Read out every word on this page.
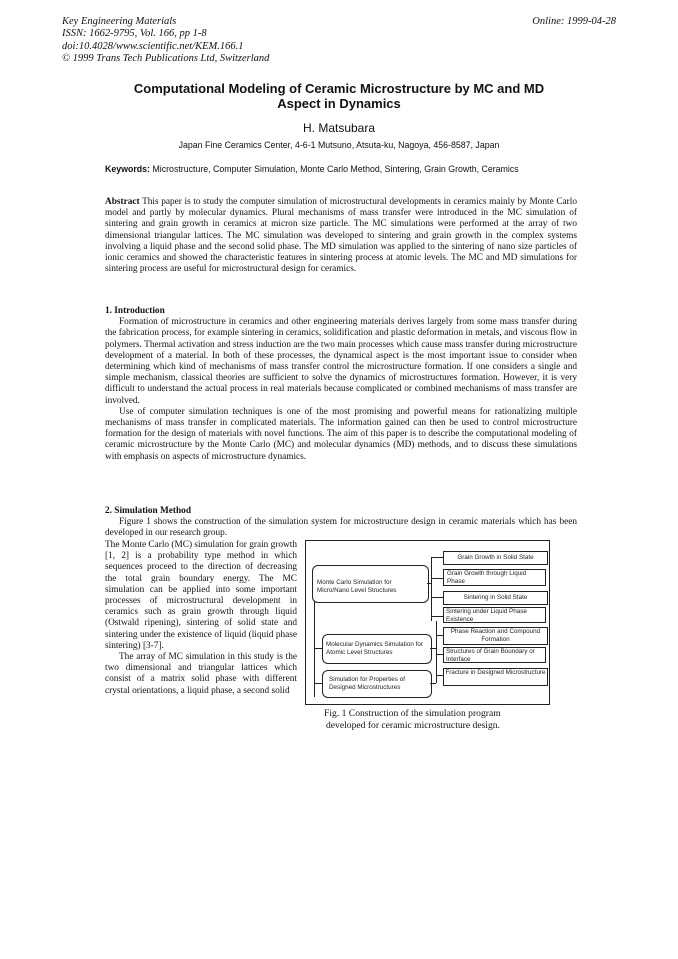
Key Engineering Materials
ISSN: 1662-9795, Vol. 166, pp 1-8
doi:10.4028/www.scientific.net/KEM.166.1
© 1999 Trans Tech Publications Ltd, Switzerland
Online: 1999-04-28
Computational Modeling of Ceramic Microstructure by MC and MD
Aspect in Dynamics
H. Matsubara
Japan Fine Ceramics Center, 4-6-1 Mutsuno, Atsuta-ku, Nagoya, 456-8587, Japan
Keywords: Microstructure, Computer Simulation, Monte Carlo Method, Sintering, Grain Growth, Ceramics
Abstract This paper is to study the computer simulation of microstructural developments in ceramics mainly by Monte Carlo model and partly by molecular dynamics. Plural mechanisms of mass transfer were introduced in the MC simulation of sintering and grain growth in ceramics at micron size particle. The MC simulations were performed at the array of two dimensional triangular lattices. The MC simulation was developed to sintering and grain growth in the complex systems involving a liquid phase and the second solid phase. The MD simulation was applied to the sintering of nano size particles of ionic ceramics and showed the characteristic features in sintering process at atomic levels. The MC and MD simulations for sintering process are useful for microstructural design for ceramics.
1. Introduction

Formation of microstructure in ceramics and other engineering materials derives largely from some mass transfer during the fabrication process, for example sintering in ceramics, solidification and plastic deformation in metals, and viscous flow in polymers. Thermal activation and stress induction are the two main processes which cause mass transfer during microstructure development of a material. In both of these processes, the dynamical aspect is the most important issue to consider when determining which kind of mechanisms of mass transfer control the microstructure formation. If one considers a single and simple mechanism, classical theories are sufficient to solve the dynamics of microstructures formation. However, it is very difficult to understand the actual process in real materials because complicated or combined mechanisms of mass transfer are involved.

Use of computer simulation techniques is one of the most promising and powerful means for rationalizing multiple mechanisms of mass transfer in complicated materials. The information gained can then be used to control microstructure formation for the design of materials with novel functions. The aim of this paper is to describe the computational modeling of ceramic microstructure by the Monte Carlo (MC) and molecular dynamics (MD) methods, and to discuss these simulations with emphasis on aspects of microstructure dynamics.

2. Simulation Method

Figure 1 shows the construction of the simulation system for microstructure design in ceramic materials which has been developed in our research group.

The Monte Carlo (MC) simulation for grain growth [1, 2] is a probability type method in which sequences proceed to the direction of decreasing the total grain boundary energy. The MC simulation can be applied into some important processes of microstructural development in ceramics such as grain growth through liquid (Ostwald ripening), sintering of solid state and sintering under the existence of liquid (liquid phase sintering) [3-7].

The array of MC simulation in this study is the two dimensional and triangular lattices which consist of a matrix solid phase with different crystal orientations, a liquid phase, a second solid

Monte Carlo Simulation for Micro/Nano Level Structures
Molecular Dynamics Simulation for Atomic Level Structures
Simulation for Properties of Designed Microstructures
Grain Growth in Solid State
Grain Growth through Liquid Phase
Sintering in Solid State
Sintering under Liquid Phase Existence
Phase Reaction and Compound Formation
Structures of Grain Boundary or Interface
Fracture in Designed Microstructure
Fig. 1 Construction of the simulation program
developed for ceramic microstructure design.
